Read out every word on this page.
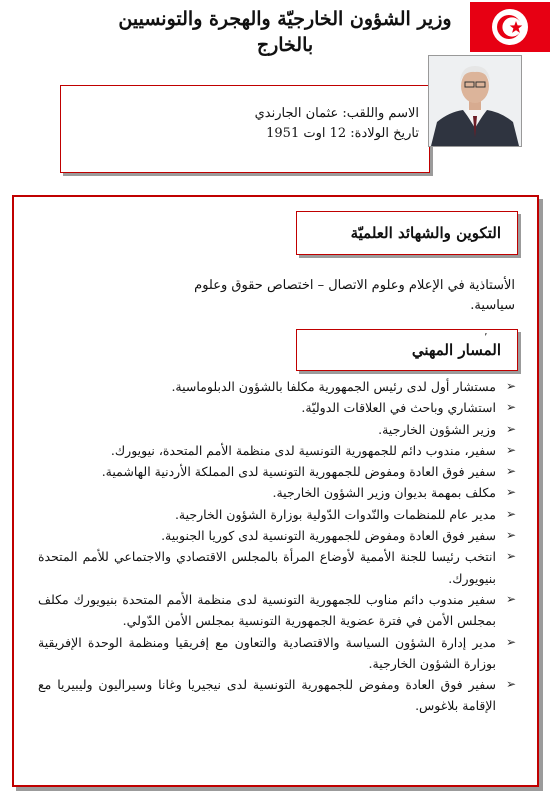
وزير الشؤون الخارجيّة والهجرة والتونسيين
بالخارج
الاسم واللقب: عثمان الجارندي
تاريخ الولادة: 12 اوت 1951
التكوين والشهائد العلميّة
الأستاذية في الإعلام وعلوم الاتصال – اختصاص حقوق وعلوم
سياسية.
المسار المهني
ʼ
➢
مستشار أول لدى رئيس الجمهورية مكلفا بالشؤون الدبلوماسية.
➢
استشاري وباحث في العلاقات الدوليّة.
➢
وزير الشؤون الخارجية.
➢
سفير، مندوب دائم للجمهورية التونسية لدى منظمة الأمم المتحدة، نيويورك.
➢
سفير فوق العادة ومفوض للجمهورية التونسية لدى المملكة الأردنية الهاشمية.
➢
مكلف بمهمة بديوان وزير الشؤون الخارجية.
➢
مدير عام للمنظمات والنّدوات الدّولية بوزارة الشؤون الخارجية.
➢
سفير فوق العادة ومفوض للجمهورية التونسية لدى كوريا الجنوبية.
➢
انتخب رئيسا للجنة الأممية لأوضاع المرأة بالمجلس الاقتصادي والاجتماعي للأمم المتحدة بنيويورك.
➢
سفير مندوب دائم مناوب للجمهورية التونسية لدى منظمة الأمم المتحدة بنيويورك مكلف بمجلس الأمن في فترة عضوية الجمهورية التونسية بمجلس الأمن الدّولي.
➢
مدير إدارة الشؤون السياسة والاقتصادية والتعاون مع إفريقيا ومنظمة الوحدة الإفريقية بوزارة الشؤون الخارجية.
➢
سفير فوق العادة ومفوض للجمهورية التونسية لدى نيجيريا وغانا وسيراليون وليبيريا مع الإقامة بلاغوس.
